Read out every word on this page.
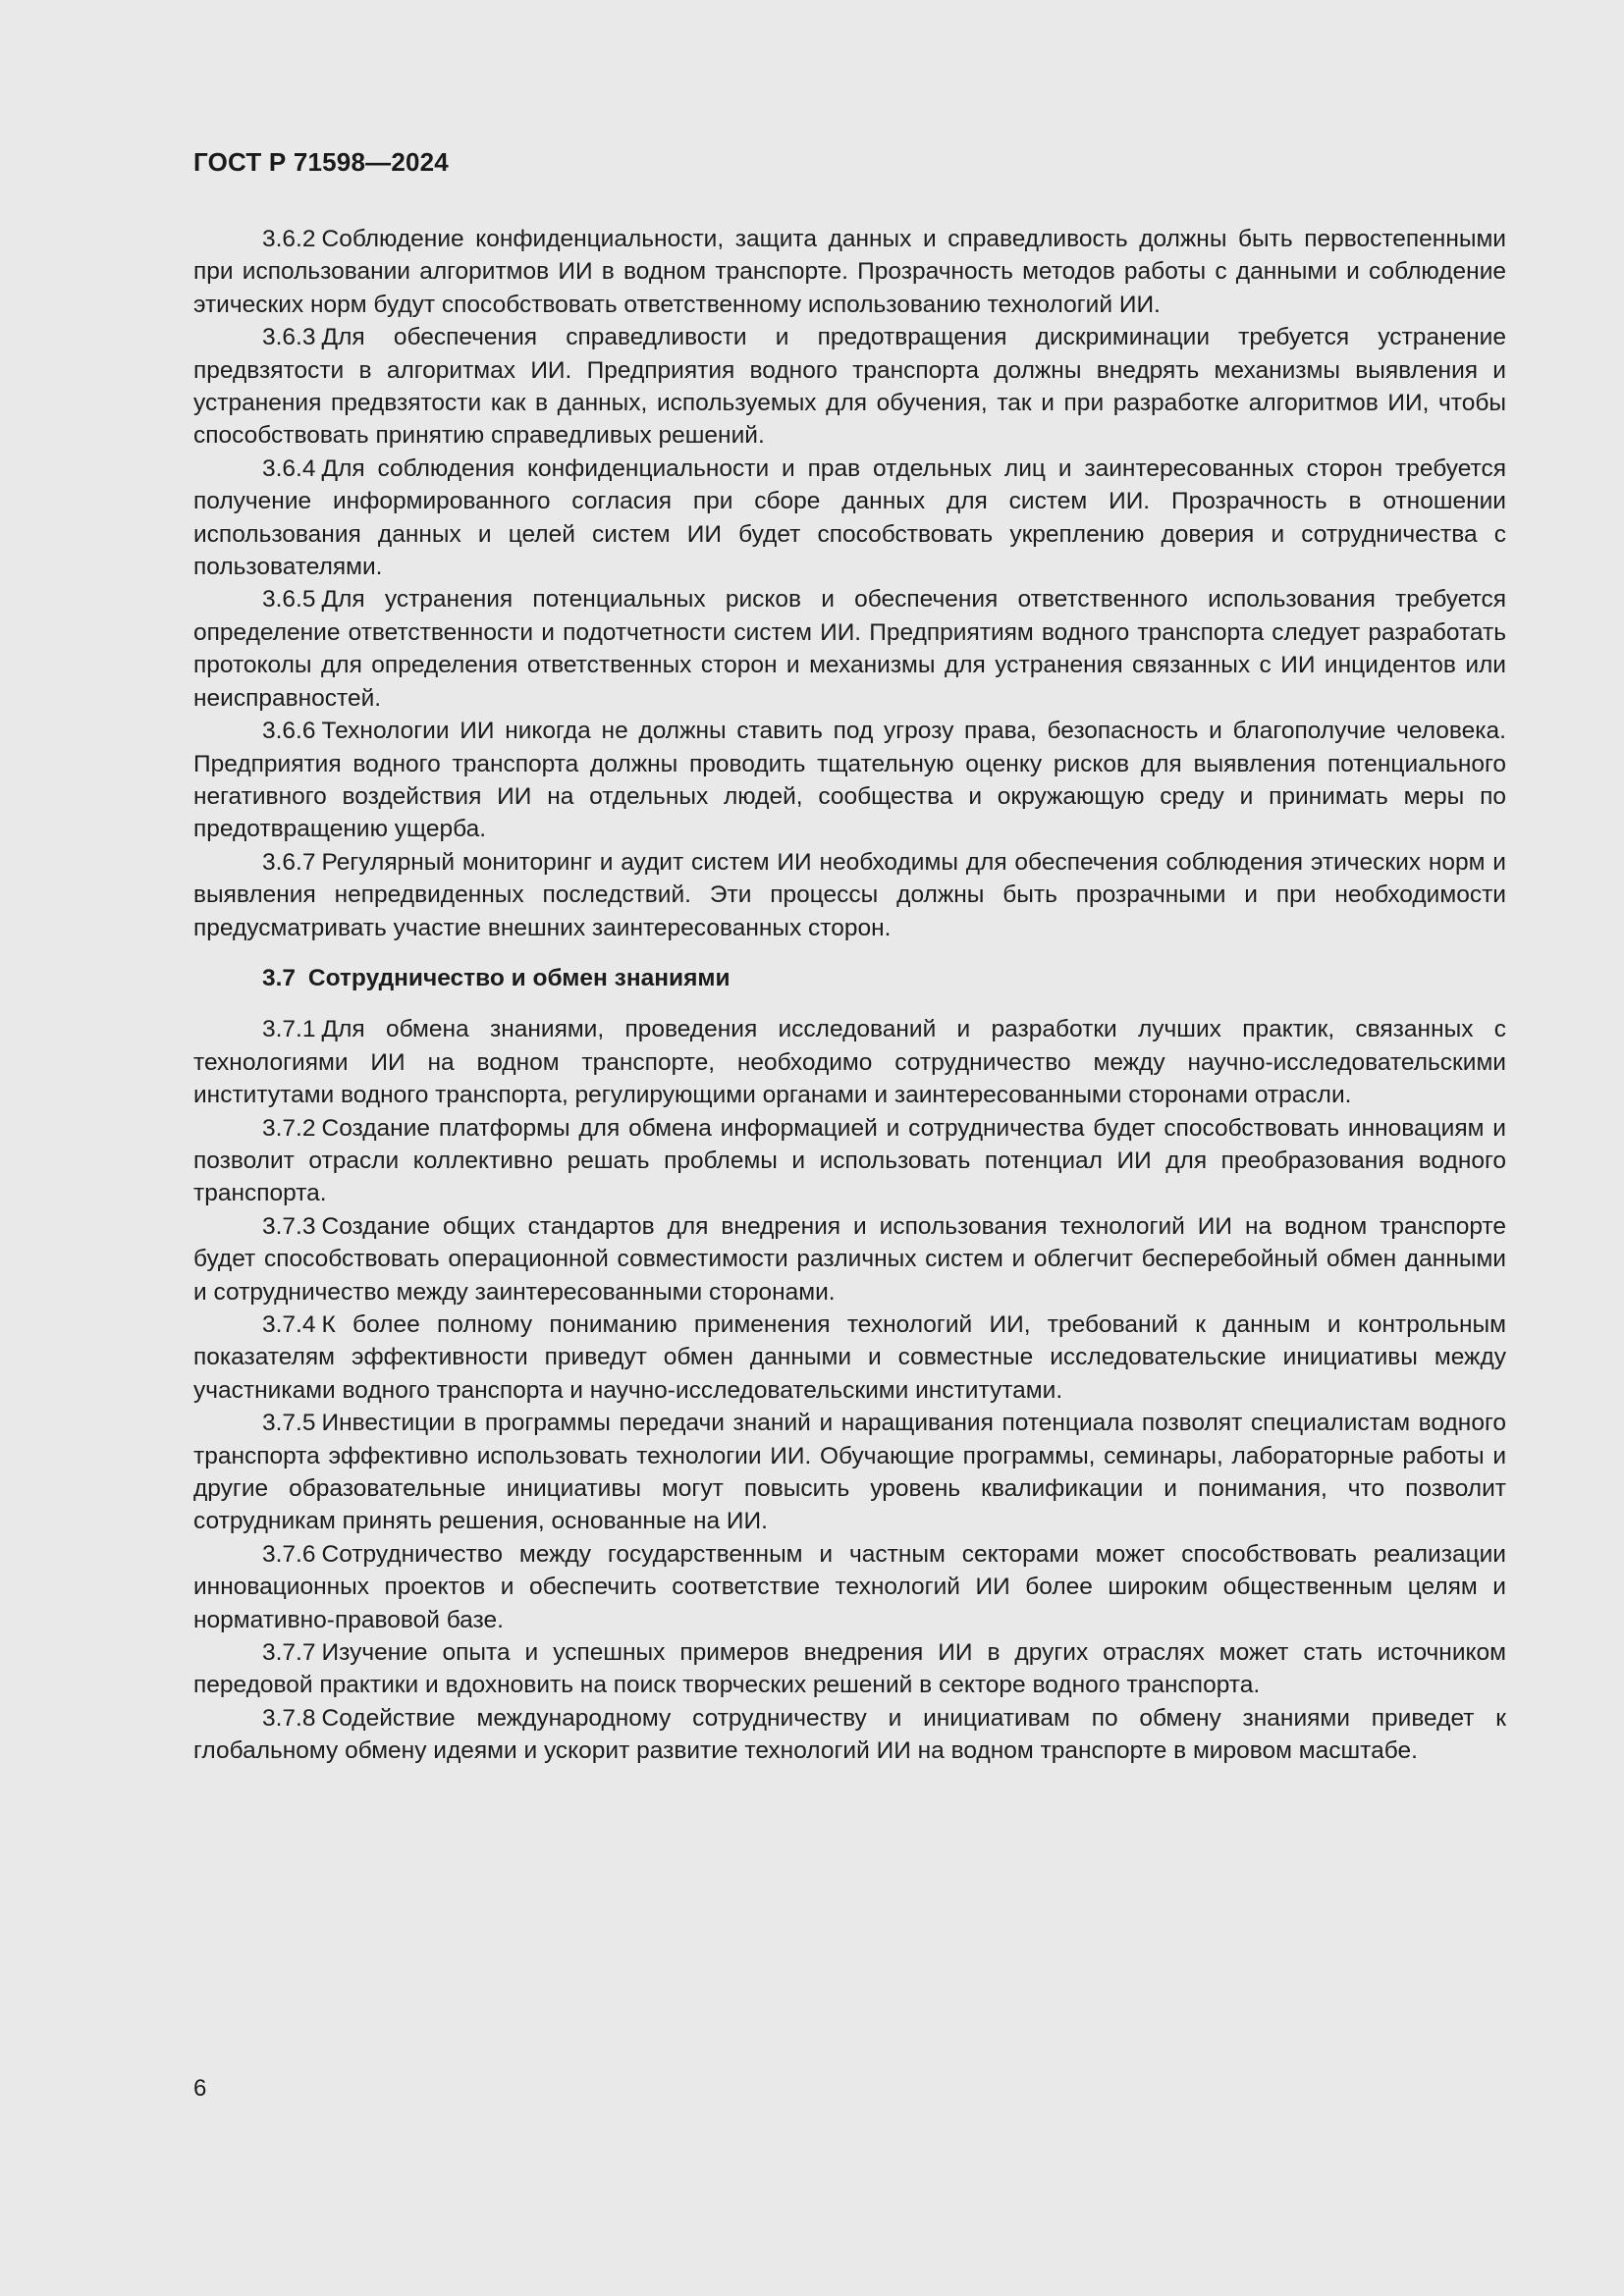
ГОСТ Р 71598—2024

3.6.2 Соблюдение конфиденциальности, защита данных и справедливость должны быть первостепенными при использовании алгоритмов ИИ в водном транспорте. Прозрачность методов работы с данными и соблюдение этических норм будут способствовать ответственному использованию технологий ИИ.

3.6.3 Для обеспечения справедливости и предотвращения дискриминации требуется устранение предвзятости в алгоритмах ИИ. Предприятия водного транспорта должны внедрять механизмы выявления и устранения предвзятости как в данных, используемых для обучения, так и при разработке алгоритмов ИИ, чтобы способствовать принятию справедливых решений.

3.6.4 Для соблюдения конфиденциальности и прав отдельных лиц и заинтересованных сторон требуется получение информированного согласия при сборе данных для систем ИИ. Прозрачность в отношении использования данных и целей систем ИИ будет способствовать укреплению доверия и сотрудничества с пользователями.

3.6.5 Для устранения потенциальных рисков и обеспечения ответственного использования требуется определение ответственности и подотчетности систем ИИ. Предприятиям водного транспорта следует разработать протоколы для определения ответственных сторон и механизмы для устранения связанных с ИИ инцидентов или неисправностей.

3.6.6 Технологии ИИ никогда не должны ставить под угрозу права, безопасность и благополучие человека. Предприятия водного транспорта должны проводить тщательную оценку рисков для выявления потенциального негативного воздействия ИИ на отдельных людей, сообщества и окружающую среду и принимать меры по предотвращению ущерба.

3.6.7 Регулярный мониторинг и аудит систем ИИ необходимы для обеспечения соблюдения этических норм и выявления непредвиденных последствий. Эти процессы должны быть прозрачными и при необходимости предусматривать участие внешних заинтересованных сторон.

3.7 Сотрудничество и обмен знаниями

3.7.1 Для обмена знаниями, проведения исследований и разработки лучших практик, связанных с технологиями ИИ на водном транспорте, необходимо сотрудничество между научно-исследовательскими институтами водного транспорта, регулирующими органами и заинтересованными сторонами отрасли.

3.7.2 Создание платформы для обмена информацией и сотрудничества будет способствовать инновациям и позволит отрасли коллективно решать проблемы и использовать потенциал ИИ для преобразования водного транспорта.

3.7.3 Создание общих стандартов для внедрения и использования технологий ИИ на водном транспорте будет способствовать операционной совместимости различных систем и облегчит бесперебойный обмен данными и сотрудничество между заинтересованными сторонами.

3.7.4 К более полному пониманию применения технологий ИИ, требований к данным и контрольным показателям эффективности приведут обмен данными и совместные исследовательские инициативы между участниками водного транспорта и научно-исследовательскими институтами.

3.7.5 Инвестиции в программы передачи знаний и наращивания потенциала позволят специалистам водного транспорта эффективно использовать технологии ИИ. Обучающие программы, семинары, лабораторные работы и другие образовательные инициативы могут повысить уровень квалификации и понимания, что позволит сотрудникам принять решения, основанные на ИИ.

3.7.6 Сотрудничество между государственным и частным секторами может способствовать реализации инновационных проектов и обеспечить соответствие технологий ИИ более широким общественным целям и нормативно-правовой базе.

3.7.7 Изучение опыта и успешных примеров внедрения ИИ в других отраслях может стать источником передовой практики и вдохновить на поиск творческих решений в секторе водного транспорта.

3.7.8 Содействие международному сотрудничеству и инициативам по обмену знаниями приведет к глобальному обмену идеями и ускорит развитие технологий ИИ на водном транспорте в мировом масштабе.

6
